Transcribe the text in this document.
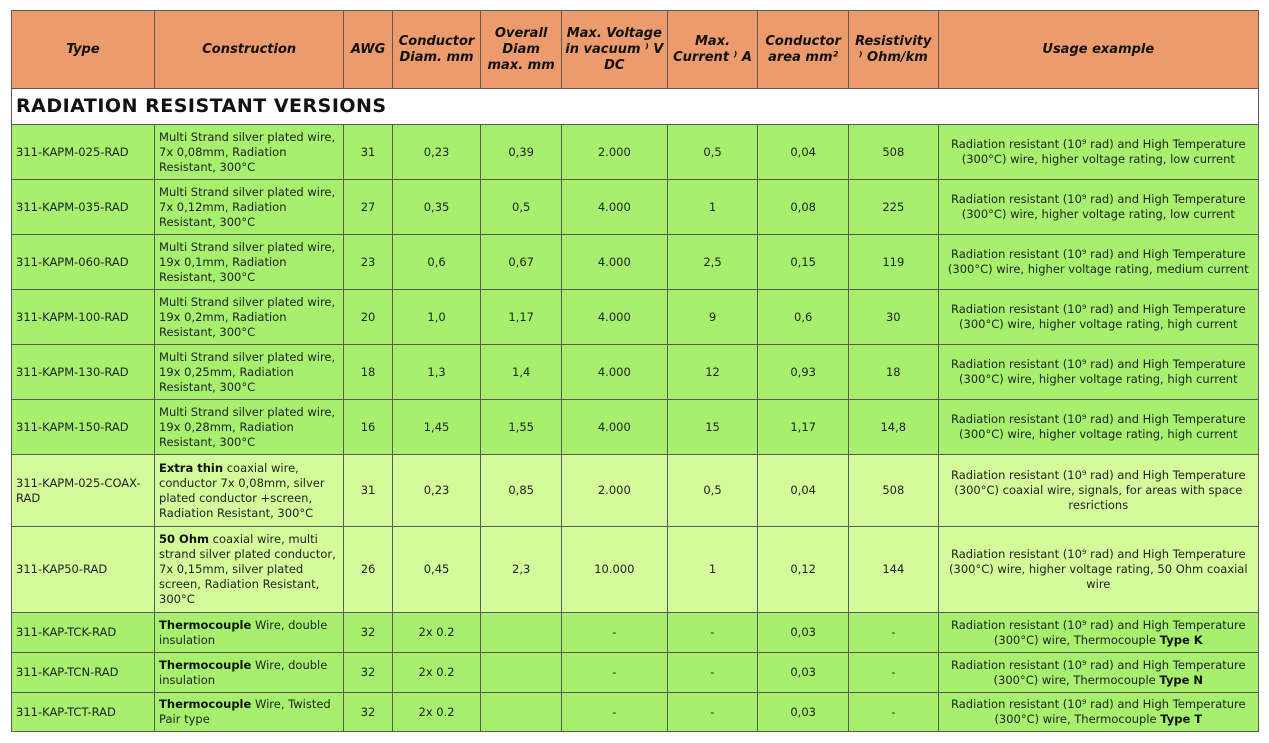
Type	Construction	AWG	Conductor Diam. mm	Overall Diam max. mm	Max. Voltage in vacuum ⁾ V DC	Max. Current ⁾ A	Conductor area mm²	Resistivity ⁾ Ohm/km	Usage example
RADIATION RESISTANT VERSIONS									
311-KAPM-025-RAD	Multi Strand silver plated wire, 7x 0,08mm, Radiation Resistant, 300°C	31	0,23	0,39	2.000	0,5	0,04	508	Radiation resistant (10⁹ rad) and High Temperature (300°C) wire, higher voltage rating, low current
311-KAPM-035-RAD	Multi Strand silver plated wire, 7x 0,12mm, Radiation Resistant, 300°C	27	0,35	0,5	4.000	1	0,08	225	Radiation resistant (10⁹ rad) and High Temperature (300°C) wire, higher voltage rating, low current
311-KAPM-060-RAD	Multi Strand silver plated wire, 19x 0,1mm, Radiation Resistant, 300°C	23	0,6	0,67	4.000	2,5	0,15	119	Radiation resistant (10⁹ rad) and High Temperature (300°C) wire, higher voltage rating, medium current
311-KAPM-100-RAD	Multi Strand silver plated wire, 19x 0,2mm, Radiation Resistant, 300°C	20	1,0	1,17	4.000	9	0,6	30	Radiation resistant (10⁹ rad) and High Temperature (300°C) wire, higher voltage rating, high current
311-KAPM-130-RAD	Multi Strand silver plated wire, 19x 0,25mm, Radiation Resistant, 300°C	18	1,3	1,4	4.000	12	0,93	18	Radiation resistant (10⁹ rad) and High Temperature (300°C) wire, higher voltage rating, high current
311-KAPM-150-RAD	Multi Strand silver plated wire, 19x 0,28mm, Radiation Resistant, 300°C	16	1,45	1,55	4.000	15	1,17	14,8	Radiation resistant (10⁹ rad) and High Temperature (300°C) wire, higher voltage rating, high current
311-KAPM-025-COAX-RAD	Extra thin coaxial wire, conductor 7x 0,08mm, silver plated conductor +screen, Radiation Resistant, 300°C	31	0,23	0,85	2.000	0,5	0,04	508	Radiation resistant (10⁹ rad) and High Temperature (300°C) coaxial wire, signals, for areas with space resrictions
311-KAP50-RAD	50 Ohm coaxial wire, multi strand silver plated conductor, 7x 0,15mm, silver plated screen, Radiation Resistant, 300°C	26	0,45	2,3	10.000	1	0,12	144	Radiation resistant (10⁹ rad) and High Temperature (300°C) wire, higher voltage rating, 50 Ohm coaxial wire
311-KAP-TCK-RAD	Thermocouple Wire, double insulation	32	2x 0.2		-	-	0,03	-	Radiation resistant (10⁹ rad) and High Temperature (300°C) wire, Thermocouple Type K
311-KAP-TCN-RAD	Thermocouple Wire, double insulation	32	2x 0.2		-	-	0,03	-	Radiation resistant (10⁹ rad) and High Temperature (300°C) wire, Thermocouple Type N
311-KAP-TCT-RAD	Thermocouple Wire, Twisted Pair type	32	2x 0.2		-	-	0,03	-	Radiation resistant (10⁹ rad) and High Temperature (300°C) wire, Thermocouple Type T
